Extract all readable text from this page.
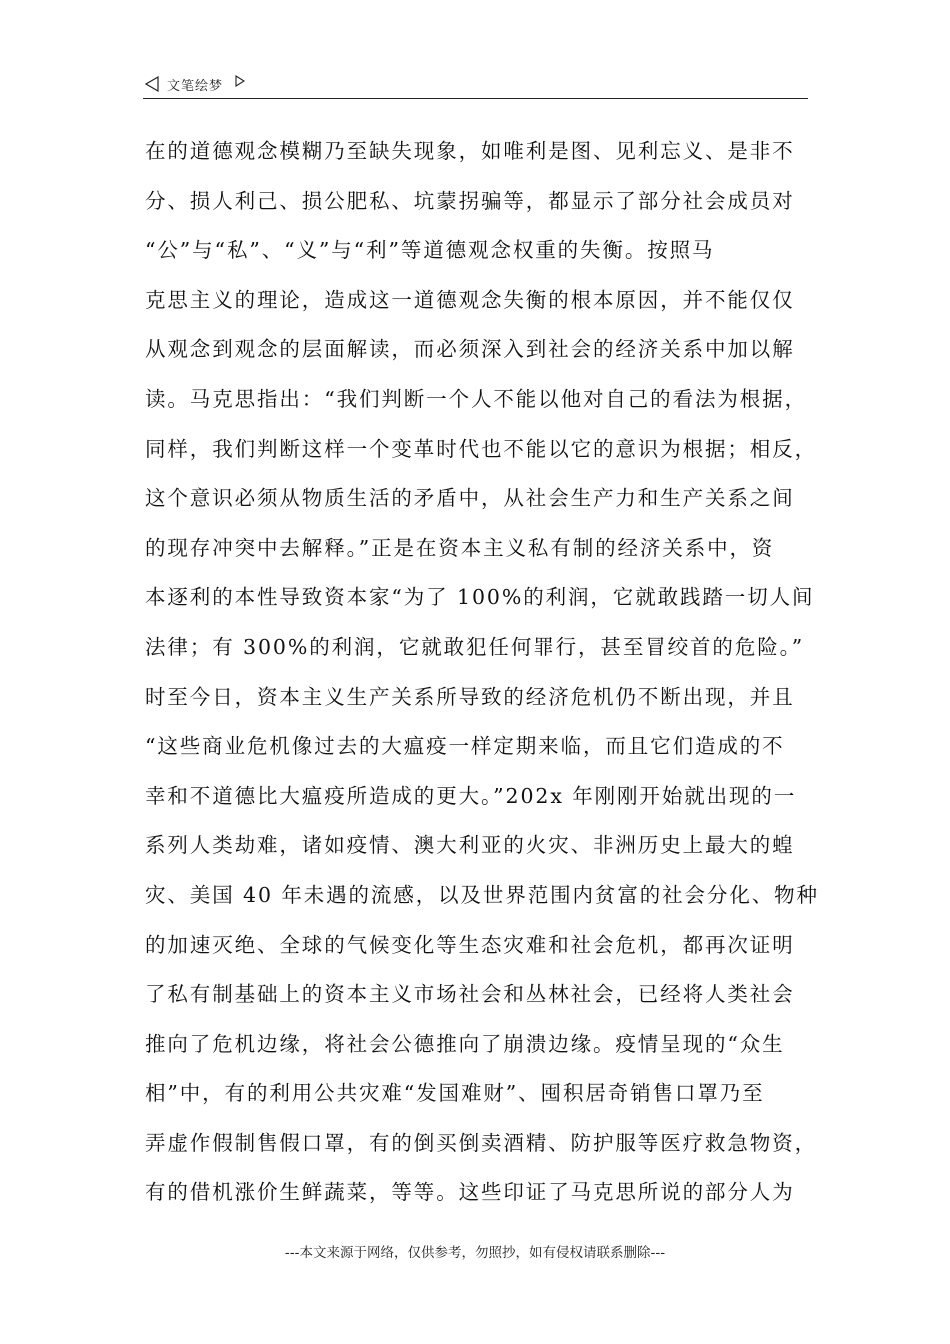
文笔绘梦
在的道德观念模糊乃至缺失现象，如唯利是图、见利忘义、是非不
分、损人利己、损公肥私、坑蒙拐骗等，都显示了部分社会成员对
“公”与“私”、“义”与“利”等道德观念权重的失衡。按照马
克思主义的理论，造成这一道德观念失衡的根本原因，并不能仅仅
从观念到观念的层面解读，而必须深入到社会的经济关系中加以解
读。马克思指出：“我们判断一个人不能以他对自己的看法为根据，
同样，我们判断这样一个变革时代也不能以它的意识为根据；相反，
这个意识必须从物质生活的矛盾中，从社会生产力和生产关系之间
的现存冲突中去解释。”正是在资本主义私有制的经济关系中，资
本逐利的本性导致资本家“为了 100%的利润，它就敢践踏一切人间
法律；有 300%的利润，它就敢犯任何罪行，甚至冒绞首的危险。”
时至今日，资本主义生产关系所导致的经济危机仍不断出现，并且
“这些商业危机像过去的大瘟疫一样定期来临，而且它们造成的不
幸和不道德比大瘟疫所造成的更大。”202x 年刚刚开始就出现的一
系列人类劫难，诸如疫情、澳大利亚的火灾、非洲历史上最大的蝗
灾、美国 40 年未遇的流感，以及世界范围内贫富的社会分化、物种
的加速灭绝、全球的气候变化等生态灾难和社会危机，都再次证明
了私有制基础上的资本主义市场社会和丛林社会，已经将人类社会
推向了危机边缘，将社会公德推向了崩溃边缘。疫情呈现的“众生
相”中，有的利用公共灾难“发国难财”、囤积居奇销售口罩乃至
弄虚作假制售假口罩，有的倒买倒卖酒精、防护服等医疗救急物资，
有的借机涨价生鲜蔬菜，等等。这些印证了马克思所说的部分人为
---本文来源于网络，仅供参考，勿照抄，如有侵权请联系删除---
